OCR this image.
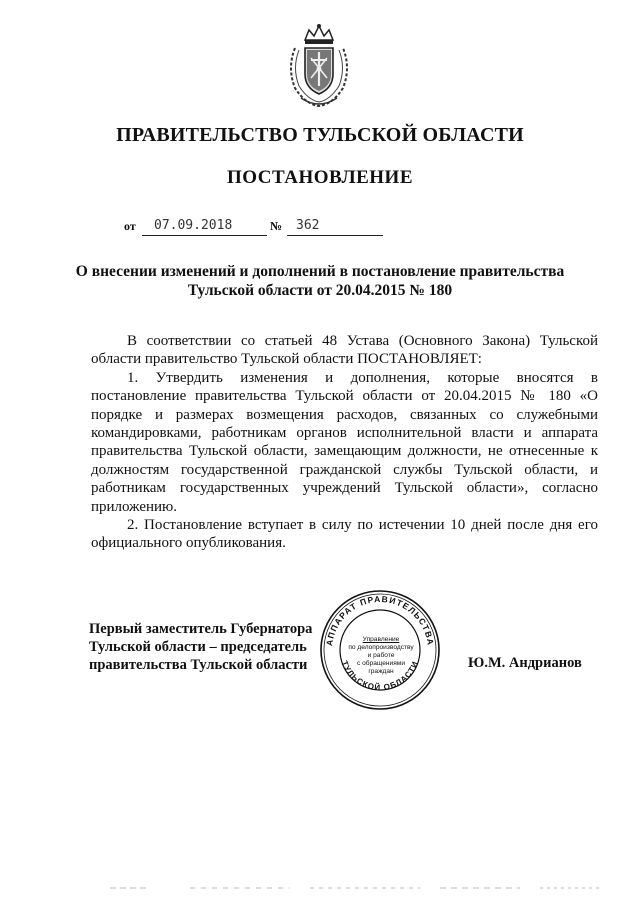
ПРАВИТЕЛЬСТВО ТУЛЬСКОЙ ОБЛАСТИ
ПОСТАНОВЛЕНИЕ
от 07.09.2018	№ 362
О внесении изменений и дополнений в постановление правительства
Тульской области от 20.04.2015 № 180

В соответствии со статьей 48 Устава (Основного Закона) Тульской области правительство Тульской области ПОСТАНОВЛЯЕТ:

1. Утвердить изменения и дополнения, которые вносятся в постановление правительства Тульской области от 20.04.2015 № 180 «О порядке и размерах возмещения расходов, связанных со служебными командировками, работникам органов исполнительной власти и аппарата правительства Тульской области, замещающим должности, не отнесенные к должностям государственной гражданской службы Тульской области, и работникам государственных учреждений Тульской области», согласно приложению.

2. Постановление вступает в силу по истечении 10 дней после дня его официального опубликования.

Первый заместитель Губернатора
Тульской области – председатель
правительства Тульской области	Ю.М. Андрианов
АППАРАТ ПРАВИТЕЛЬСТВА
ТУЛЬСКОЙ ОБЛАСТИ
Управление
по делопроизводству
и работе
с обращениями
граждан
